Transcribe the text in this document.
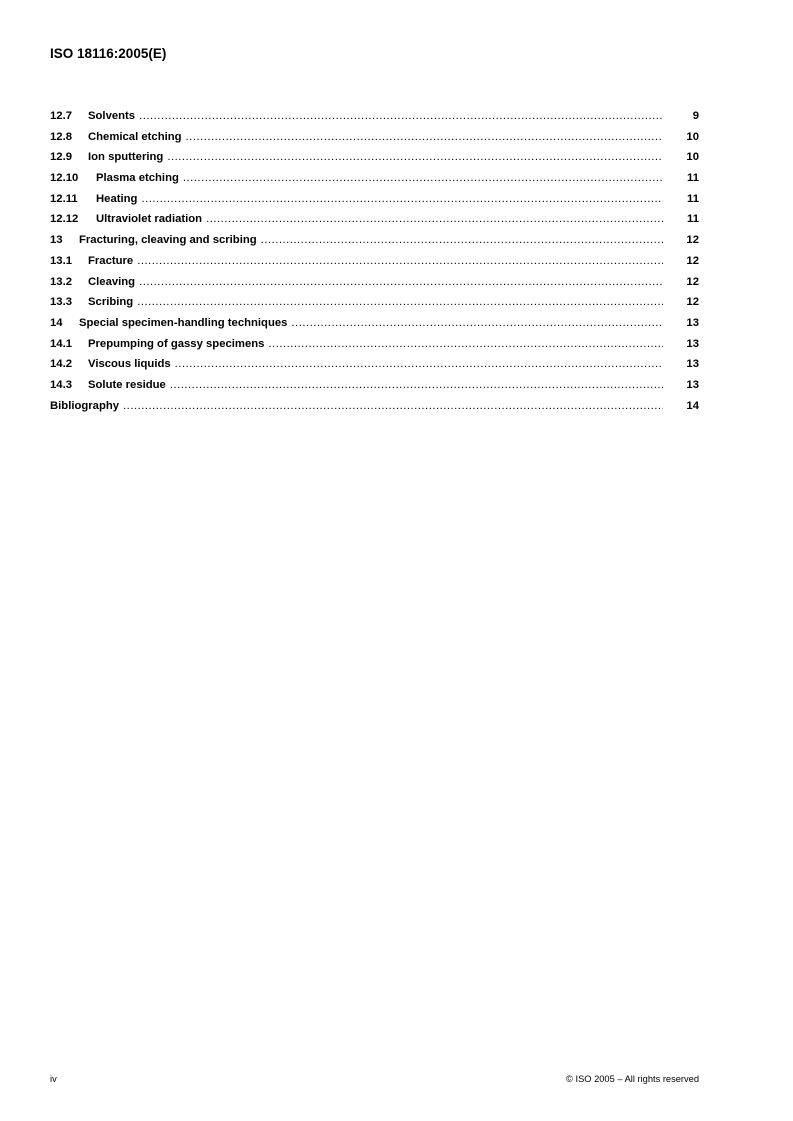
ISO 18116:2005(E)
12.7	Solvents .....	9
12.8	Chemical etching .....	10
12.9	Ion sputtering .....	10
12.10	Plasma etching .....	11
12.11	Heating .....	11
12.12	Ultraviolet radiation .....	11
13	Fracturing, cleaving and scribing .....	12
13.1	Fracture .....	12
13.2	Cleaving .....	12
13.3	Scribing .....	12
14	Special specimen-handling techniques .....	13
14.1	Prepumping of gassy specimens .....	13
14.2	Viscous liquids .....	13
14.3	Solute residue .....	13
Bibliography .....	14
iv	© ISO 2005 – All rights reserved
